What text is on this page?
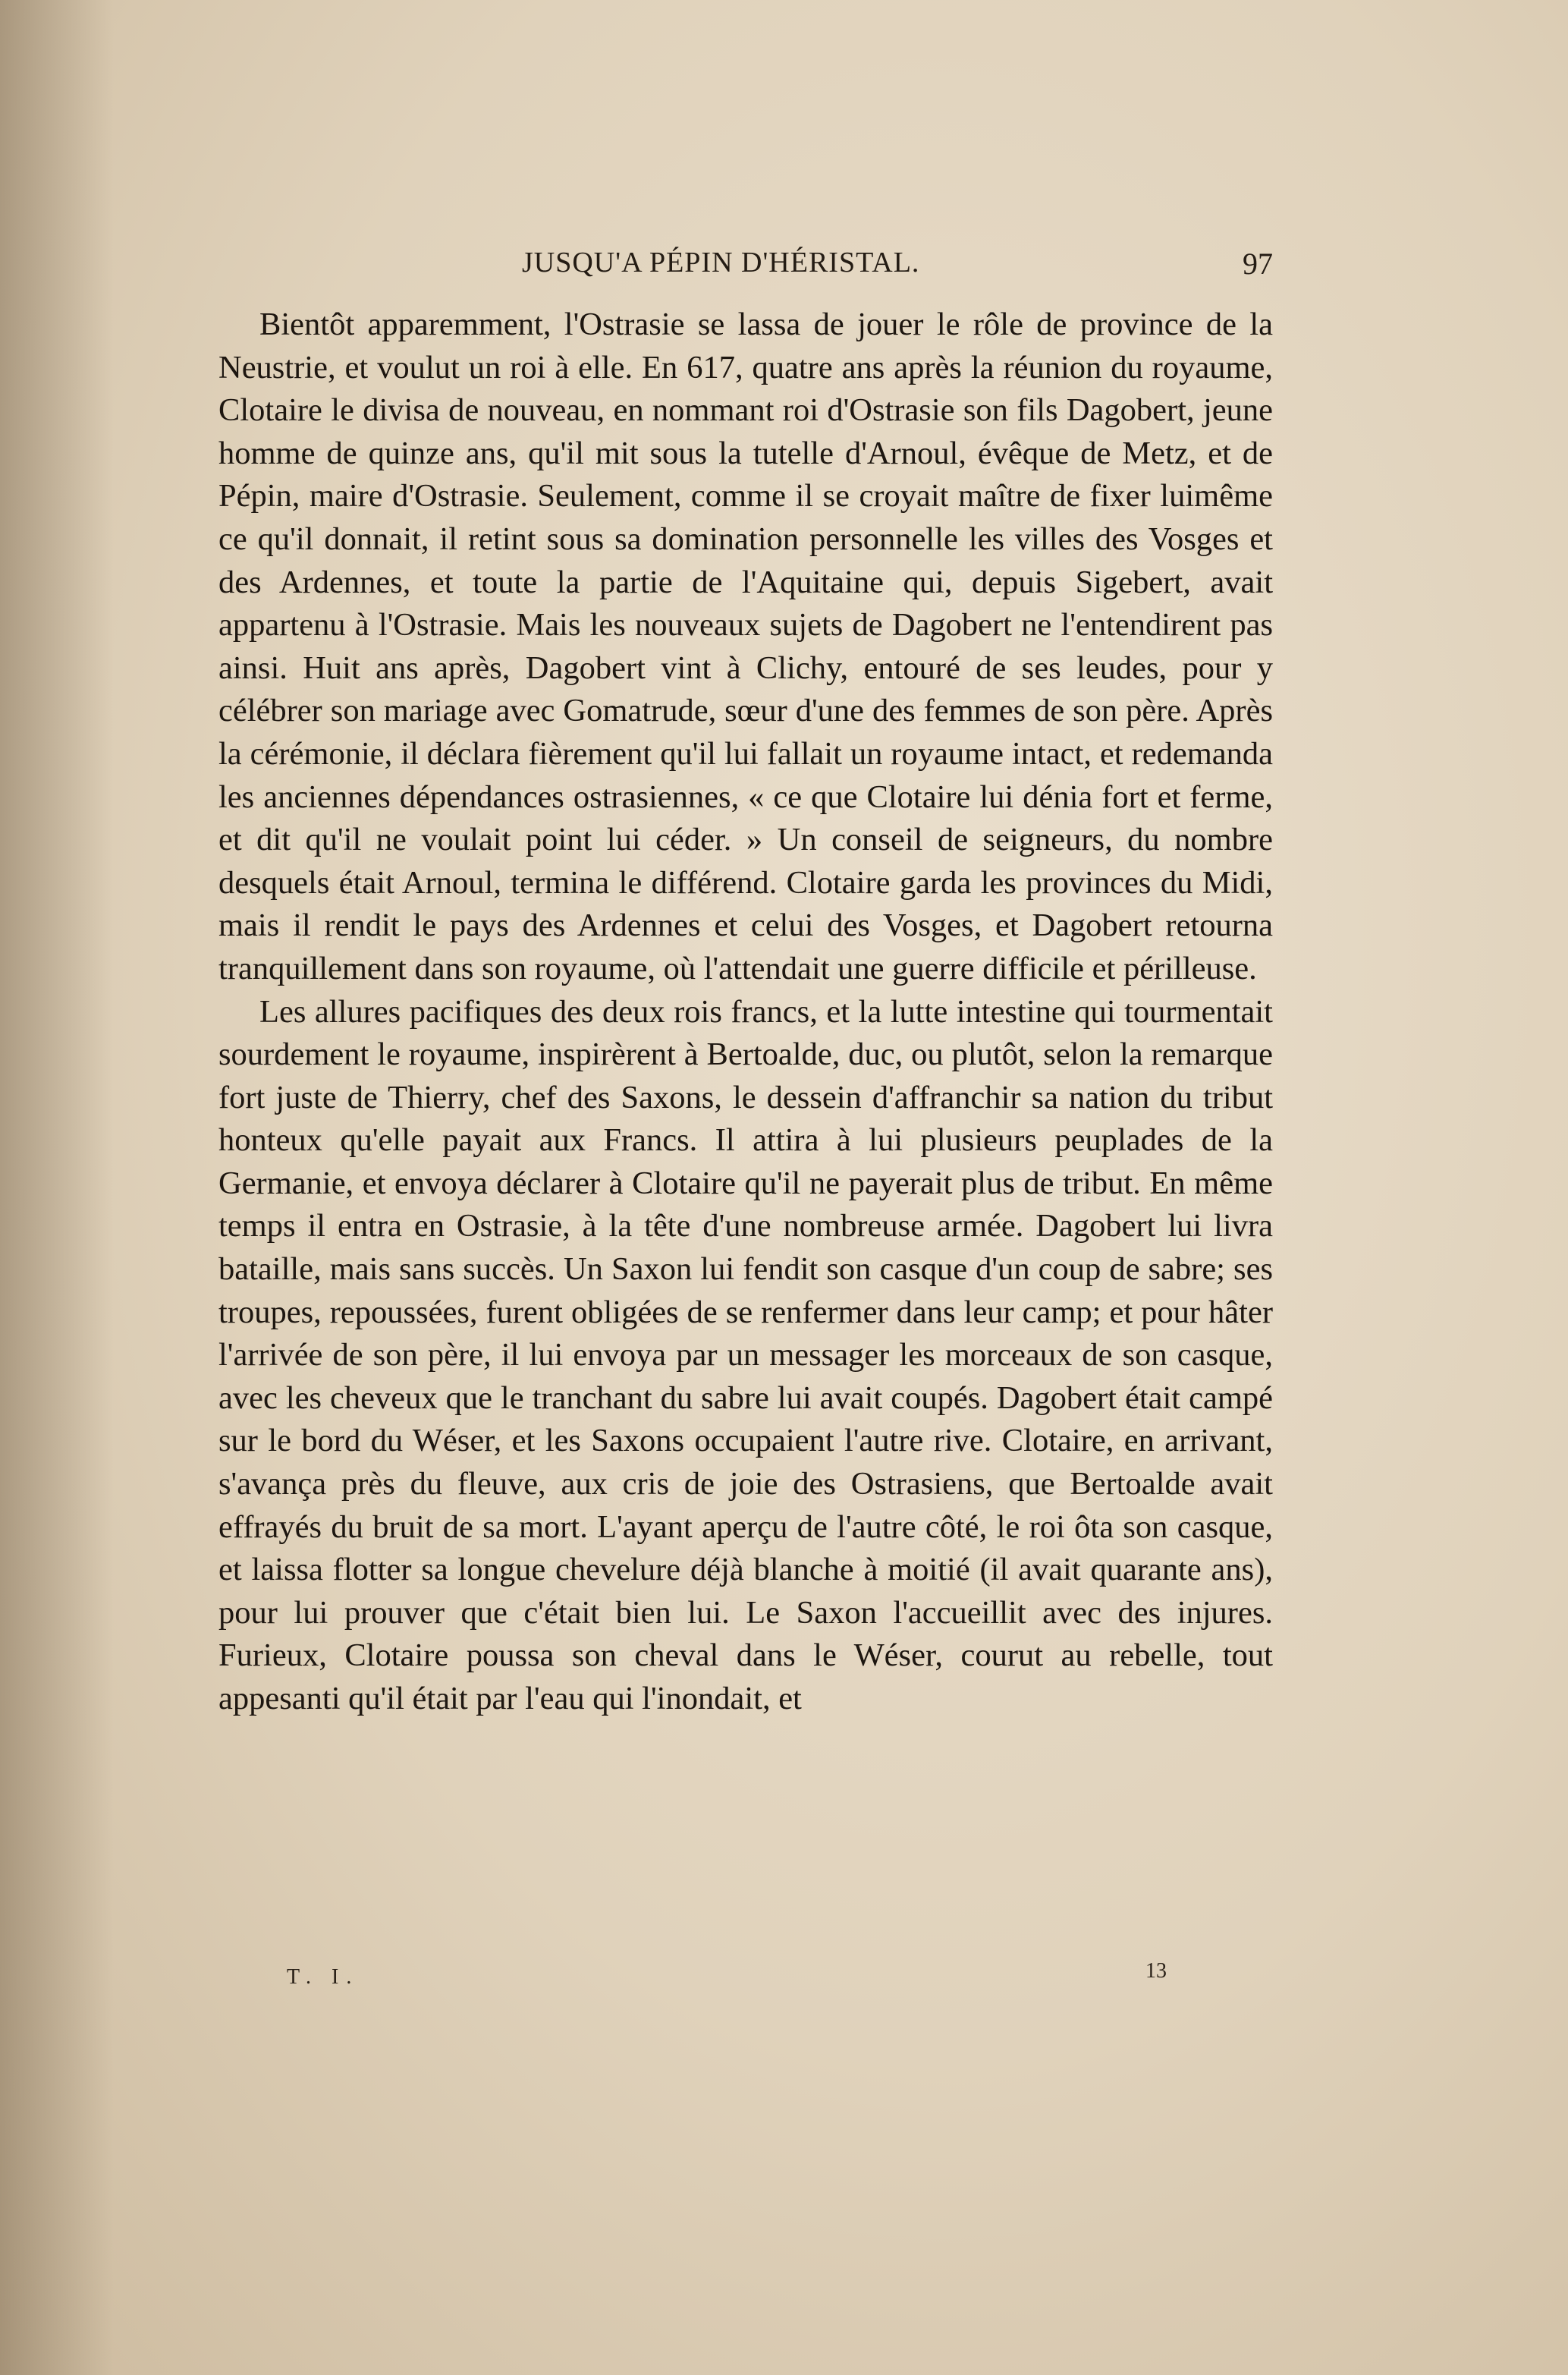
JUSQU'A PÉPIN D'HÉRISTAL.	97

Bientôt apparemment, l'Ostrasie se lassa de jouer le rôle de province de la Neustrie, et voulut un roi à elle. En 617, quatre ans après la réunion du royaume, Clotaire le divisa de nouveau, en nommant roi d'Ostrasie son fils Dagobert, jeune homme de quinze ans, qu'il mit sous la tutelle d'Arnoul, évêque de Metz, et de Pépin, maire d'Ostrasie. Seulement, comme il se croyait maître de fixer luimême ce qu'il donnait, il retint sous sa domination personnelle les villes des Vosges et des Ardennes, et toute la partie de l'Aquitaine qui, depuis Sigebert, avait appartenu à l'Ostrasie. Mais les nouveaux sujets de Dagobert ne l'entendirent pas ainsi. Huit ans après, Dagobert vint à Clichy, entouré de ses leudes, pour y célébrer son mariage avec Gomatrude, sœur d'une des femmes de son père. Après la cérémonie, il déclara fièrement qu'il lui fallait un royaume intact, et redemanda les anciennes dépendances ostrasiennes, « ce que Clotaire lui dénia fort et ferme, et dit qu'il ne voulait point lui céder. » Un conseil de seigneurs, du nombre desquels était Arnoul, termina le différend. Clotaire garda les provinces du Midi, mais il rendit le pays des Ardennes et celui des Vosges, et Dagobert retourna tranquillement dans son royaume, où l'attendait une guerre difficile et périlleuse.

Les allures pacifiques des deux rois francs, et la lutte intestine qui tourmentait sourdement le royaume, inspirèrent à Bertoalde, duc, ou plutôt, selon la remarque fort juste de Thierry, chef des Saxons, le dessein d'affranchir sa nation du tribut honteux qu'elle payait aux Francs. Il attira à lui plusieurs peuplades de la Germanie, et envoya déclarer à Clotaire qu'il ne payerait plus de tribut. En même temps il entra en Ostrasie, à la tête d'une nombreuse armée. Dagobert lui livra bataille, mais sans succès. Un Saxon lui fendit son casque d'un coup de sabre; ses troupes, repoussées, furent obligées de se renfermer dans leur camp; et pour hâter l'arrivée de son père, il lui envoya par un messager les morceaux de son casque, avec les cheveux que le tranchant du sabre lui avait coupés. Dagobert était campé sur le bord du Wéser, et les Saxons occupaient l'autre rive. Clotaire, en arrivant, s'avança près du fleuve, aux cris de joie des Ostrasiens, que Bertoalde avait effrayés du bruit de sa mort. L'ayant aperçu de l'autre côté, le roi ôta son casque, et laissa flotter sa longue chevelure déjà blanche à moitié (il avait quarante ans), pour lui prouver que c'était bien lui. Le Saxon l'accueillit avec des injures. Furieux, Clotaire poussa son cheval dans le Wéser, courut au rebelle, tout appesanti qu'il était par l'eau qui l'inondait, et

T. I.	13
